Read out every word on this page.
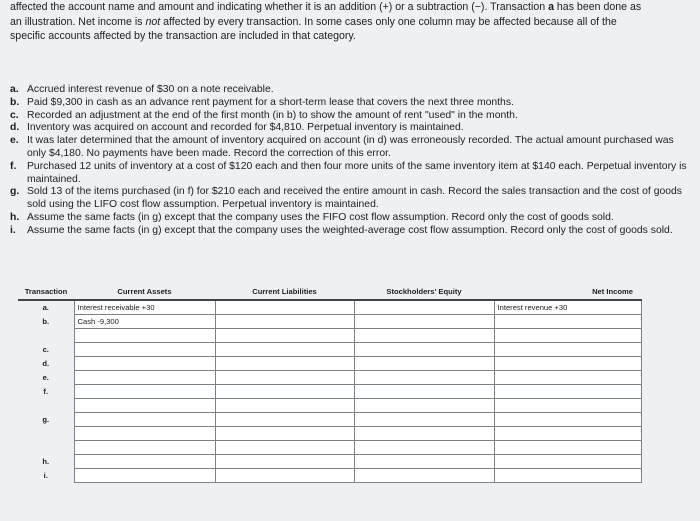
affected the account name and amount and indicating whether it is an addition (+) or a subtraction (−). Transaction a has been done as

an illustration. Net income is not affected by every transaction. In some cases only one column may be affected because all of the

specific accounts affected by the transaction are included in that category.

a. Accrued interest revenue of $30 on a note receivable.
b. Paid $9,300 in cash as an advance rent payment for a short-term lease that covers the next three months.
c. Recorded an adjustment at the end of the first month (in b) to show the amount of rent "used" in the month.
d. Inventory was acquired on account and recorded for $4,810. Perpetual inventory is maintained.
e. It was later determined that the amount of inventory acquired on account (in d) was erroneously recorded. The actual amount purchased was only $4,180. No payments have been made. Record the correction of this error.
f.	Purchased 12 units of inventory at a cost of $120 each and then four more units of the same inventory item at $140 each. Perpetual inventory is maintained.
g. Sold 13 of the items purchased (in f) for $210 each and received the entire amount in cash. Record the sales transaction and the cost of goods sold using the LIFO cost flow assumption. Perpetual inventory is maintained.
h. Assume the same facts (in g) except that the company uses the FIFO cost flow assumption. Record only the cost of goods sold.
i.	Assume the same facts (in g) except that the company uses the weighted-average cost flow assumption. Record only the cost of goods sold.
Transaction	Current Assets	Current Liabilities	Stockholders' Equity	Net Income
a.	Interest receivable +30			Interest revenue +30
b.	Cash -9,300			

c.				
d.				
e.				
f.				

g.				

h.				
i.				
